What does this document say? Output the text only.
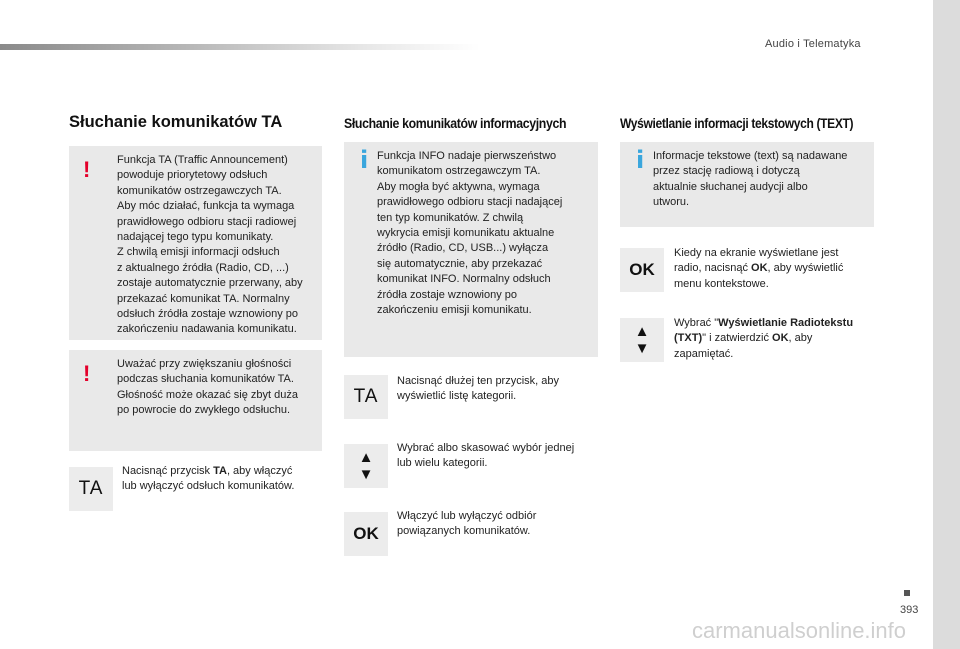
Audio i Telematyka
Słuchanie komunikatów TA
! Funkcja TA (Traffic Announcement)
powoduje priorytetowy odsłuch
komunikatów ostrzegawczych TA.
Aby móc działać, funkcja ta wymaga
prawidłowego odbioru stacji radiowej
nadającej tego typu komunikaty.
Z chwilą emisji informacji odsłuch
z aktualnego źródła (Radio, CD, ...)
zostaje automatycznie przerwany, aby
przekazać komunikat TA. Normalny
odsłuch źródła zostaje wznowiony po
zakończeniu nadawania komunikatu.
! Uważać przy zwiększaniu głośności
podczas słuchania komunikatów TA.
Głośność może okazać się zbyt duża
po powrocie do zwykłego odsłuchu.
TA
Nacisnąć przycisk TA, aby włączyć
lub wyłączyć odsłuch komunikatów.
Słuchanie komunikatów informacyjnych
i Funkcja INFO nadaje pierwszeństwo
komunikatom ostrzegawczym TA.
Aby mogła być aktywna, wymaga
prawidłowego odbioru stacji nadającej
ten typ komunikatów. Z chwilą
wykrycia emisji komunikatu aktualne
źródło (Radio, CD, USB...) wyłącza
się automatycznie, aby przekazać
komunikat INFO. Normalny odsłuch
źródła zostaje wznowiony po
zakończeniu emisji komunikatu.
TA
Nacisnąć dłużej ten przycisk, aby
wyświetlić listę kategorii.
▲
▼
Wybrać albo skasować wybór jednej
lub wielu kategorii.
OK
Włączyć lub wyłączyć odbiór
powiązanych komunikatów.
Wyświetlanie informacji tekstowych (TEXT)
i Informacje tekstowe (text) są nadawane
przez stację radiową i dotyczą
aktualnie słuchanej audycji albo
utworu.
OK
Kiedy na ekranie wyświetlane jest
radio, nacisnąć OK, aby wyświetlić
menu kontekstowe.
▲
▼
Wybrać "Wyświetlanie Radiotekstu
(TXT)" i zatwierdzić OK, aby
zapamiętać.
393
carmanualsonline.info
